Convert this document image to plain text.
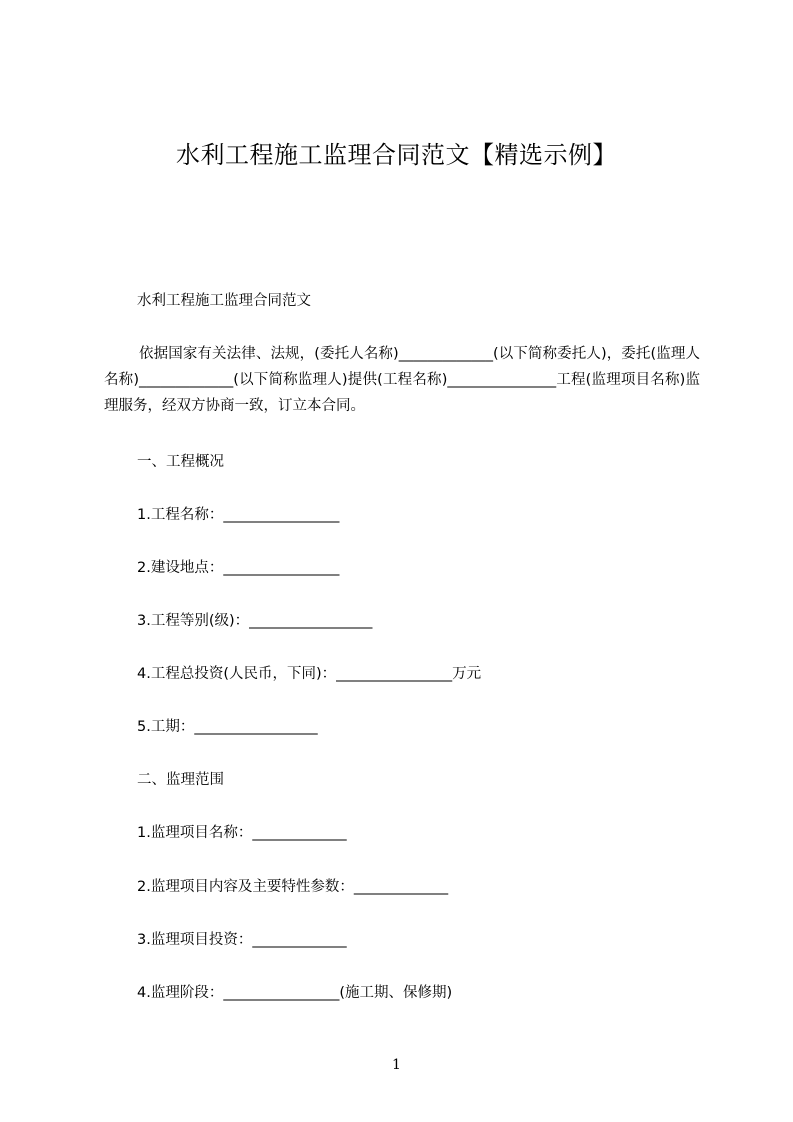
水利工程施工监理合同范文【精选示例】
水利工程施工监理合同范文
依据国家有关法律、法规，(委托人名称)_____________(以下简称委托人)，委托(监理人名称)_____________(以下简称监理人)提供(工程名称)_______________工程(监理项目名称)监理服务，经双方协商一致，订立本合同。
一、工程概况
1.工程名称：________________
2.建设地点：________________
3.工程等别(级)：_________________
4.工程总投资(人民币，下同)：________________万元
5.工期：_________________
二、监理范围
1.监理项目名称：_____________
2.监理项目内容及主要特性参数：_____________
3.监理项目投资：_____________
4.监理阶段：________________(施工期、保修期)
1
